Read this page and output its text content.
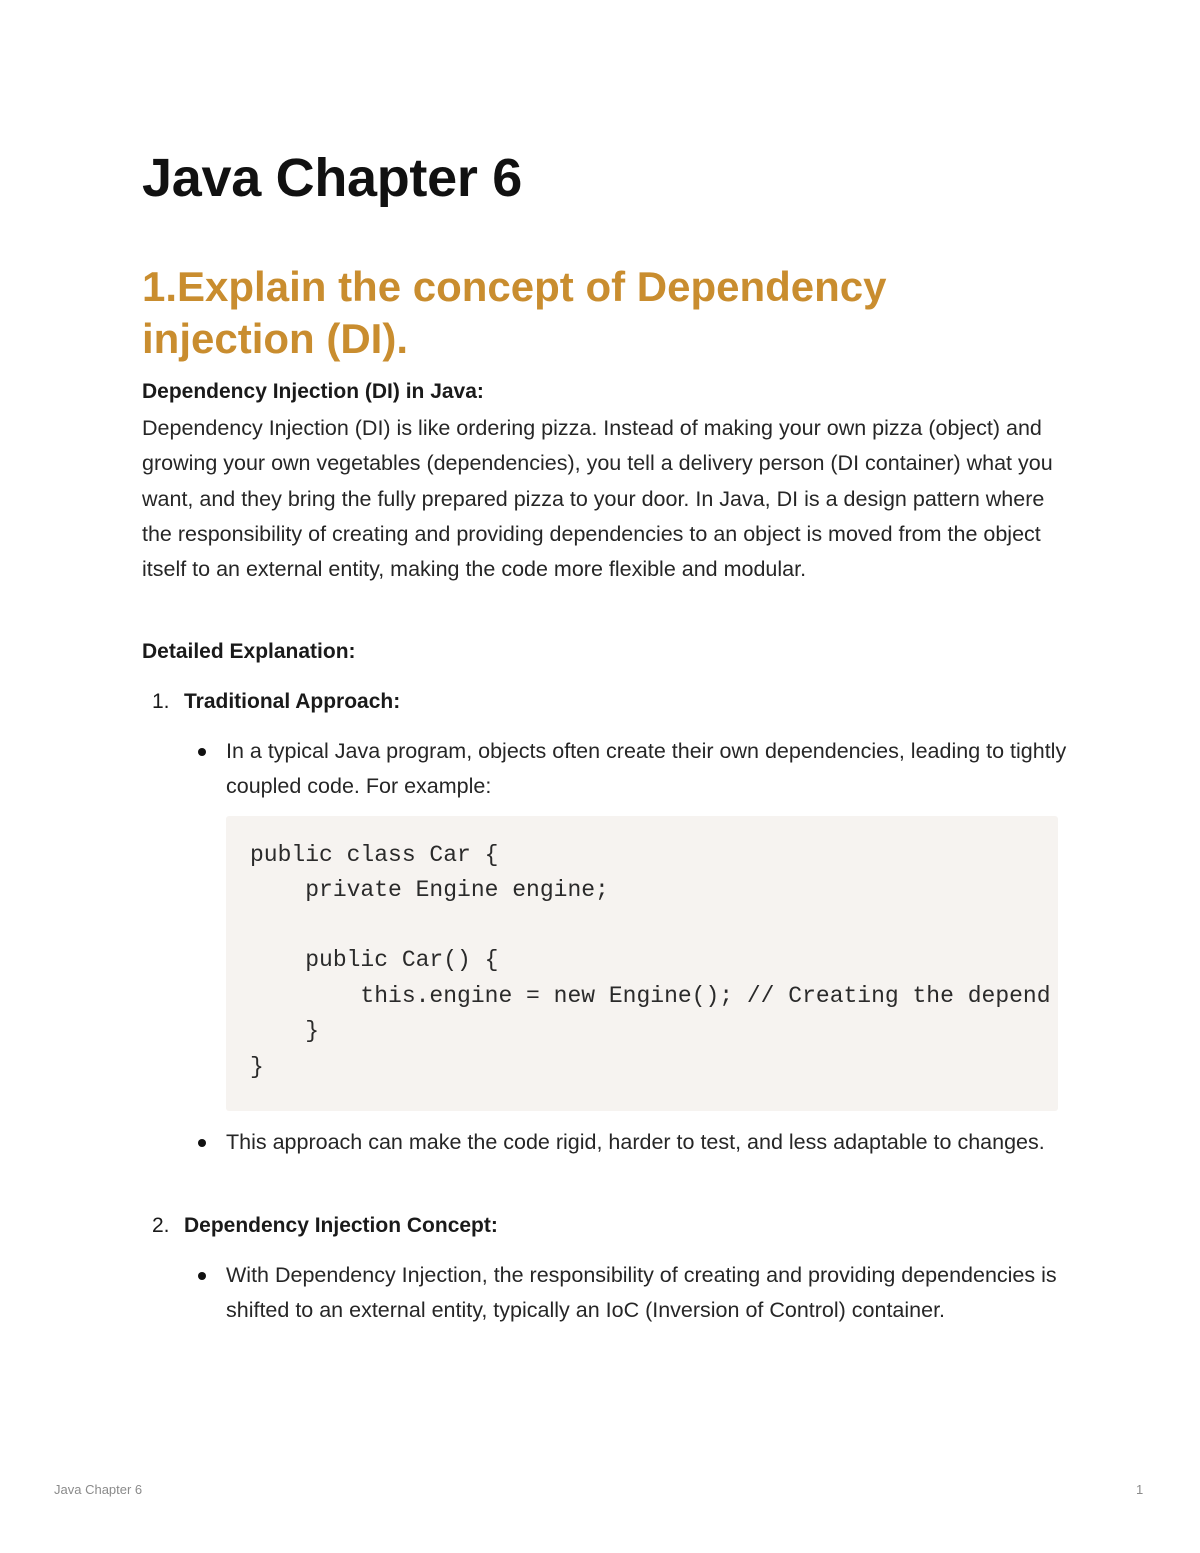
Java Chapter 6
1.Explain the concept of Dependency injection (DI).

Dependency Injection (DI) in Java:

Dependency Injection (DI) is like ordering pizza. Instead of making your own pizza (object) and growing your own vegetables (dependencies), you tell a delivery person (DI container) what you want, and they bring the fully prepared pizza to your door. In Java, DI is a design pattern where the responsibility of creating and providing dependencies to an object is moved from the object itself to an external entity, making the code more flexible and modular.

Detailed Explanation:

1. Traditional Approach:
In a typical Java program, objects often create their own dependencies, leading to tightly coupled code. For example:
public class Car {
private Engine engine;
public Car() {
this.engine = new Engine(); // Creating the depend
}
}
This approach can make the code rigid, harder to test, and less adaptable to changes.
2. Dependency Injection Concept:
With Dependency Injection, the responsibility of creating and providing dependencies is shifted to an external entity, typically an IoC (Inversion of Control) container.
Java Chapter 6	1
